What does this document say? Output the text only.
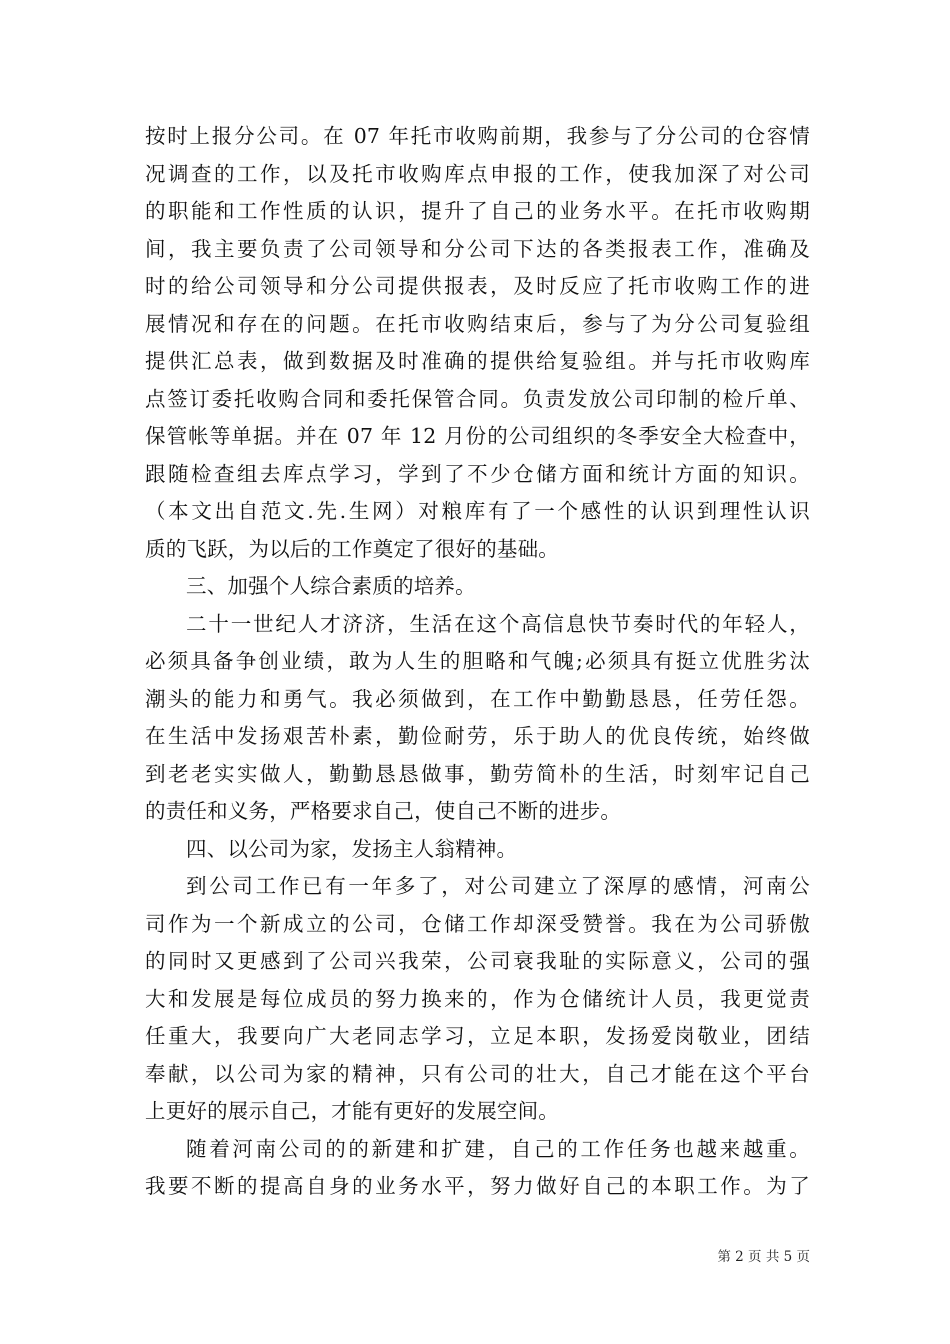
按时上报分公司。在 07 年托市收购前期，我参与了分公司的仓容情
况调查的工作，以及托市收购库点申报的工作，使我加深了对公司
的职能和工作性质的认识，提升了自己的业务水平。在托市收购期
间，我主要负责了公司领导和分公司下达的各类报表工作，准确及
时的给公司领导和分公司提供报表，及时反应了托市收购工作的进
展情况和存在的问题。在托市收购结束后，参与了为分公司复验组
提供汇总表，做到数据及时准确的提供给复验组。并与托市收购库
点签订委托收购合同和委托保管合同。负责发放公司印制的检斤单、
保管帐等单据。并在 07 年 12 月份的公司组织的冬季安全大检查中，
跟随检查组去库点学习，学到了不少仓储方面和统计方面的知识。
（本文出自范文.先.生网）对粮库有了一个感性的认识到理性认识
质的飞跃，为以后的工作奠定了很好的基础。
三、加强个人综合素质的培养。
二十一世纪人才济济，生活在这个高信息快节奏时代的年轻人，
必须具备争创业绩，敢为人生的胆略和气魄;必须具有挺立优胜劣汰
潮头的能力和勇气。我必须做到，在工作中勤勤恳恳，任劳任怨。
在生活中发扬艰苦朴素，勤俭耐劳，乐于助人的优良传统，始终做
到老老实实做人，勤勤恳恳做事，勤劳简朴的生活，时刻牢记自己
的责任和义务，严格要求自己，使自己不断的进步。
四、以公司为家，发扬主人翁精神。
到公司工作已有一年多了，对公司建立了深厚的感情，河南公
司作为一个新成立的公司，仓储工作却深受赞誉。我在为公司骄傲
的同时又更感到了公司兴我荣，公司衰我耻的实际意义，公司的强
大和发展是每位成员的努力换来的，作为仓储统计人员，我更觉责
任重大，我要向广大老同志学习，立足本职，发扬爱岗敬业，团结
奉献，以公司为家的精神，只有公司的壮大，自己才能在这个平台
上更好的展示自己，才能有更好的发展空间。
随着河南公司的的新建和扩建，自己的工作任务也越来越重。
我要不断的提高自身的业务水平，努力做好自己的本职工作。为了
第 2 页 共 5 页
